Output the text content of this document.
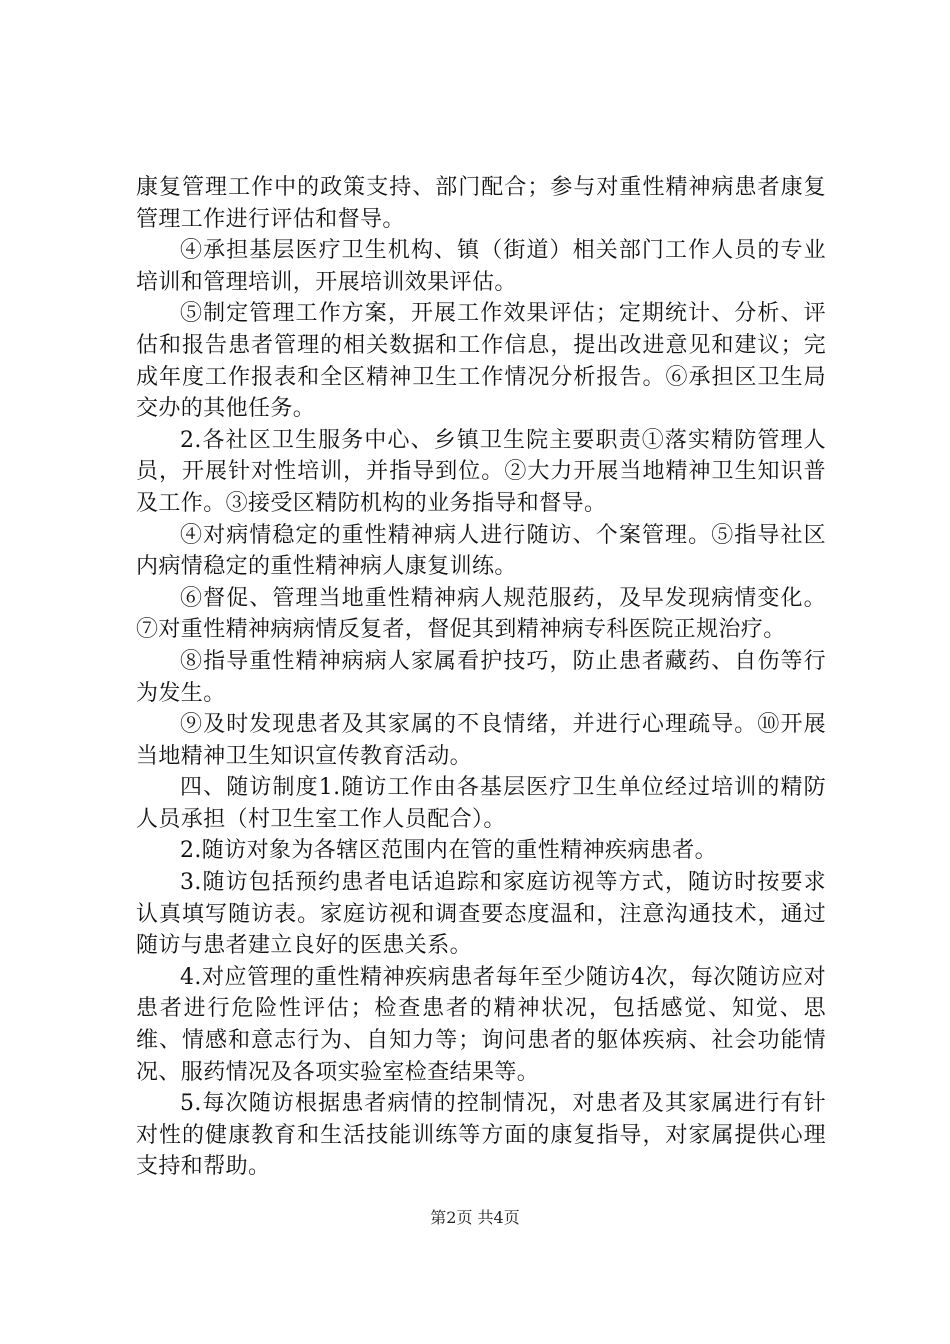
康复管理工作中的政策支持、部门配合；参与对重性精神病患者康复管理工作进行评估和督导。

④承担基层医疗卫生机构、镇（街道）相关部门工作人员的专业培训和管理培训，开展培训效果评估。

⑤制定管理工作方案，开展工作效果评估；定期统计、分析、评估和报告患者管理的相关数据和工作信息，提出改进意见和建议；完成年度工作报表和全区精神卫生工作情况分析报告。⑥承担区卫生局交办的其他任务。

2.各社区卫生服务中心、乡镇卫生院主要职责①落实精防管理人员，开展针对性培训，并指导到位。②大力开展当地精神卫生知识普及工作。③接受区精防机构的业务指导和督导。

④对病情稳定的重性精神病人进行随访、个案管理。⑤指导社区内病情稳定的重性精神病人康复训练。

⑥督促、管理当地重性精神病人规范服药，及早发现病情变化。⑦对重性精神病病情反复者，督促其到精神病专科医院正规治疗。

⑧指导重性精神病病人家属看护技巧，防止患者藏药、自伤等行为发生。

⑨及时发现患者及其家属的不良情绪，并进行心理疏导。⑩开展当地精神卫生知识宣传教育活动。

四、随访制度1.随访工作由各基层医疗卫生单位经过培训的精防人员承担（村卫生室工作人员配合）。

2.随访对象为各辖区范围内在管的重性精神疾病患者。

3.随访包括预约患者电话追踪和家庭访视等方式，随访时按要求认真填写随访表。家庭访视和调查要态度温和，注意沟通技术，通过随访与患者建立良好的医患关系。

4.对应管理的重性精神疾病患者每年至少随访4次，每次随访应对患者进行危险性评估；检查患者的精神状况，包括感觉、知觉、思维、情感和意志行为、自知力等；询问患者的躯体疾病、社会功能情况、服药情况及各项实验室检查结果等。

5.每次随访根据患者病情的控制情况，对患者及其家属进行有针对性的健康教育和生活技能训练等方面的康复指导，对家属提供心理支持和帮助。

第2页 共4页
